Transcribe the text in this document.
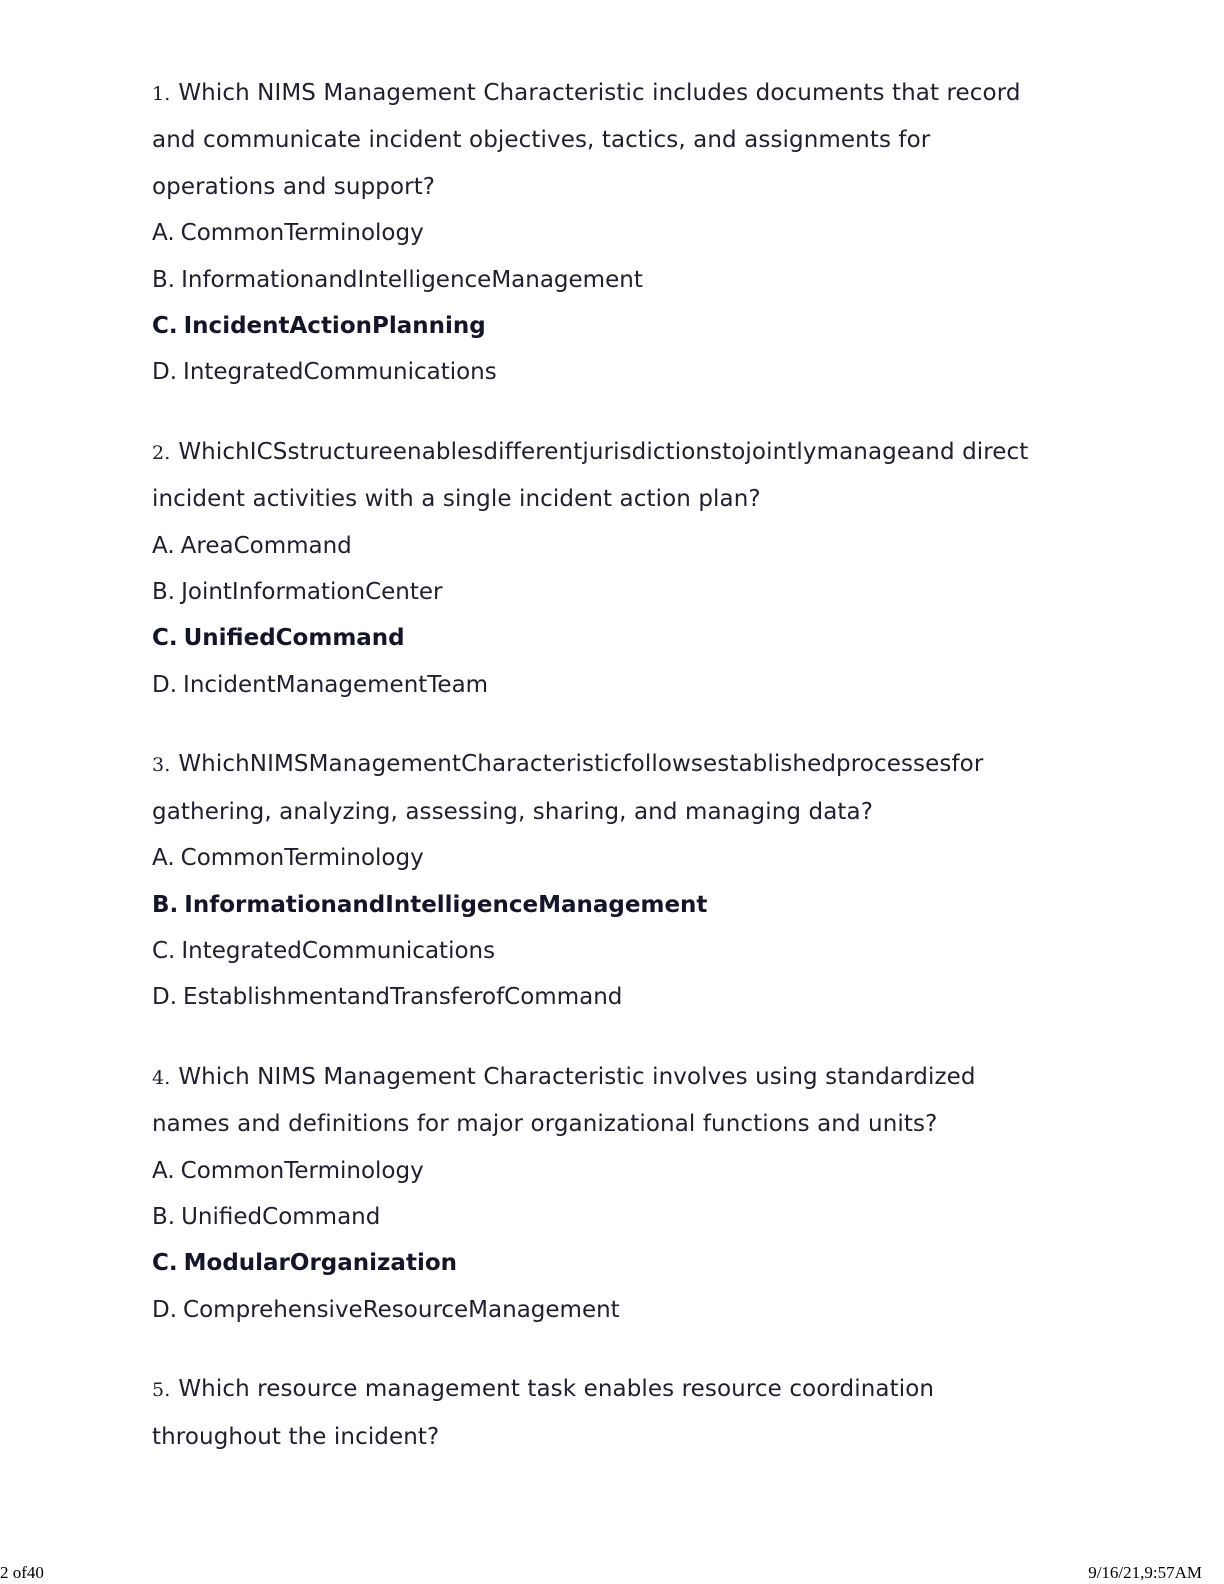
1. Which NIMS Management Characteristic includes documents that record and communicate incident objectives, tactics, and assignments for operations and support?
A. CommonTerminology
B. InformationandIntelligenceManagement
C. IncidentActionPlanning
D. IntegratedCommunications
2. WhichICSstructureenablesdifferentjurisdictionstojointlymanageand direct incident activities with a single incident action plan?
A. AreaCommand
B. JointInformationCenter
C. UnifiedCommand
D. IncidentManagementTeam
3. WhichNIMSManagementCharacteristicfollowsestablishedprocessesfor gathering, analyzing, assessing, sharing, and managing data?
A. CommonTerminology
B. InformationandIntelligenceManagement
C. IntegratedCommunications
D. EstablishmentandTransferofCommand
4. Which NIMS Management Characteristic involves using standardized names and definitions for major organizational functions and units?
A. CommonTerminology
B. UnifiedCommand
C. ModularOrganization
D. ComprehensiveResourceManagement
5. Which resource management task enables resource coordination throughout the incident?
2 of40	9/16/21,9:57AM
